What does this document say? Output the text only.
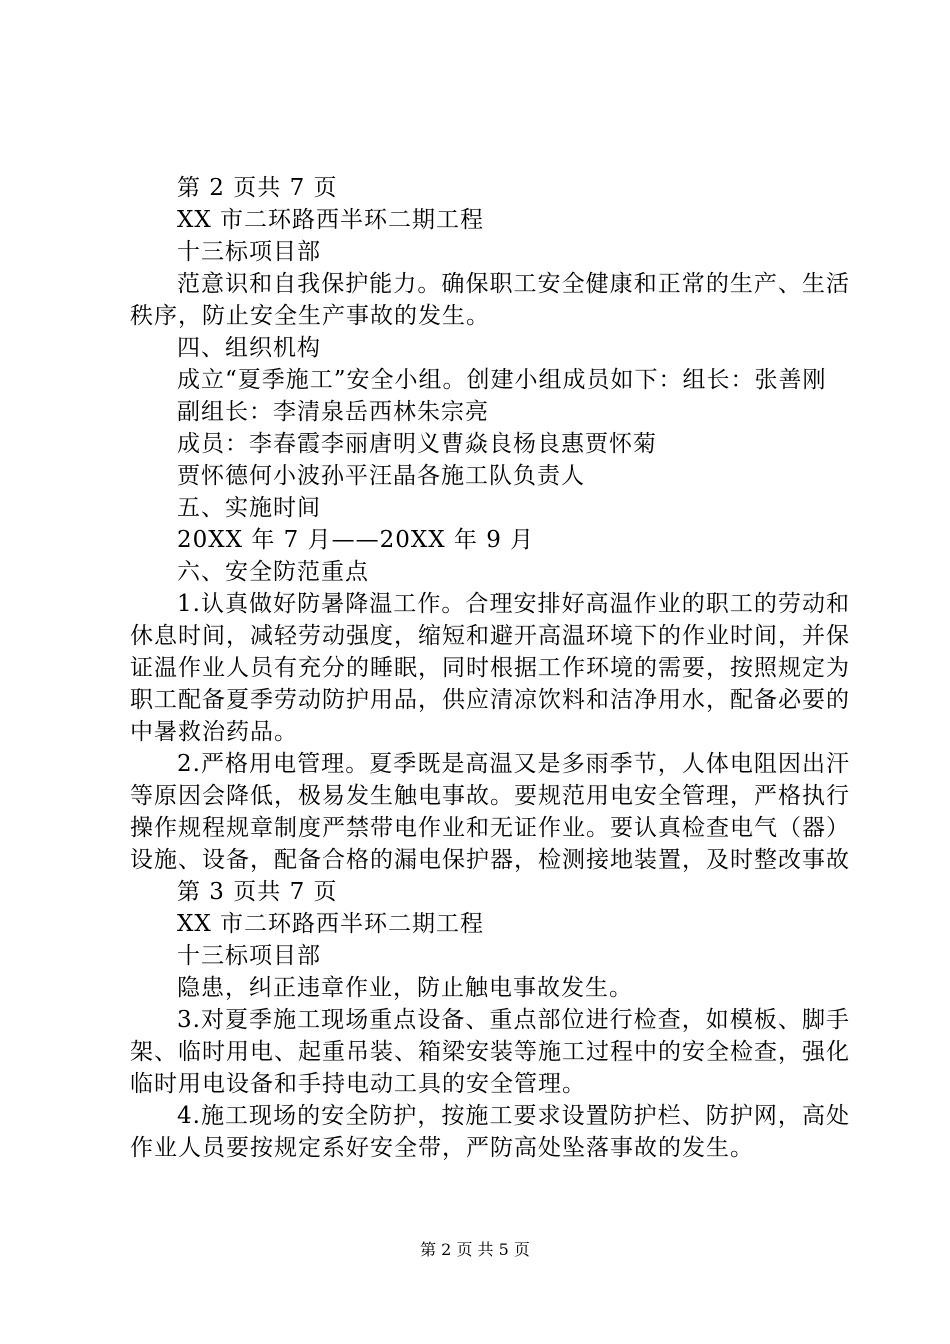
第 2 页共 7 页
XX 市二环路西半环二期工程
十三标项目部
范意识和自我保护能力。确保职工安全健康和正常的生产、生活秩序，防止安全生产事故的发生。
四、组织机构
成立“夏季施工”安全小组。创建小组成员如下：组长：张善刚
副组长：李清泉岳西林朱宗亮
成员：李春霞李丽唐明义曹焱良杨良惠贾怀菊
贾怀德何小波孙平汪晶各施工队负责人
五、实施时间
20XX 年 7 月——20XX 年 9 月
六、安全防范重点
1.认真做好防暑降温工作。合理安排好高温作业的职工的劳动和休息时间，减轻劳动强度，缩短和避开高温环境下的作业时间，并保证温作业人员有充分的睡眠，同时根据工作环境的需要，按照规定为职工配备夏季劳动防护用品，供应清凉饮料和洁净用水，配备必要的中暑救治药品。
2.严格用电管理。夏季既是高温又是多雨季节，人体电阻因出汗等原因会降低，极易发生触电事故。要规范用电安全管理，严格执行操作规程规章制度严禁带电作业和无证作业。要认真检查电气（器）设施、设备，配备合格的漏电保护器，检测接地装置，及时整改事故
第 3 页共 7 页
XX 市二环路西半环二期工程
十三标项目部
隐患，纠正违章作业，防止触电事故发生。
3.对夏季施工现场重点设备、重点部位进行检查，如模板、脚手架、临时用电、起重吊装、箱梁安装等施工过程中的安全检查，强化临时用电设备和手持电动工具的安全管理。
4.施工现场的安全防护，按施工要求设置防护栏、防护网，高处作业人员要按规定系好安全带，严防高处坠落事故的发生。
第 2 页 共 5 页
